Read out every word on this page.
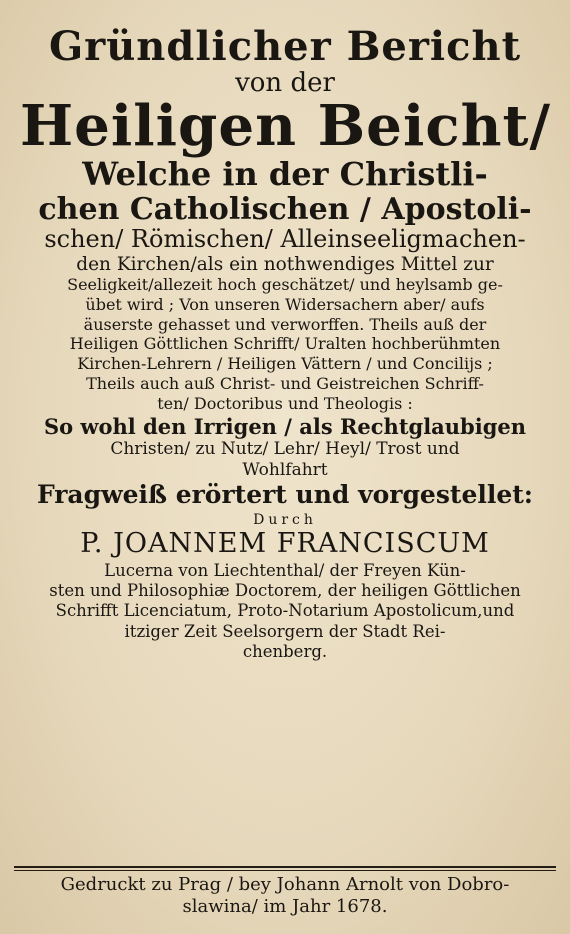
Gründlicher Bericht
von der
Heiligen Beicht/
Welche in der Christli-
chen Catholischen / Apostoli-
schen/ Römischen/ Alleinseeligmachen-
den Kirchen/als ein nothwendiges Mittel zur
Seeligkeit/allezeit hoch geschätzet/ und heylsamb ge-
übet wird ; Von unseren Widersachern aber/ aufs
äuserste gehasset und verworffen. Theils auß der
Heiligen Göttlichen Schrifft/ Uralten hochberühmten
Kirchen-Lehrern / Heiligen Vättern / und Concilijs ;
Theils auch auß Christ- und Geistreichen Schriff-
ten/ Doctoribus und Theologis :
So wohl den Irrigen / als Rechtglaubigen
Christen/ zu Nutz/ Lehr/ Heyl/ Trost und
Wohlfahrt
Fragweiß erörtert und vorgestellet:
Durch
P. JOANNEM FRANCISCUM
Lucerna von Liechtenthal/ der Freyen Kün-
sten und Philosophiæ Doctorem, der heiligen Göttlichen
Schrifft Licenciatum, Proto-Notarium Apostolicum,und
itziger Zeit Seelsorgern der Stadt Rei-
chenberg.
Gedruckt zu Prag / bey Johann Arnolt von Dobro-
slawina/ im Jahr 1678.
